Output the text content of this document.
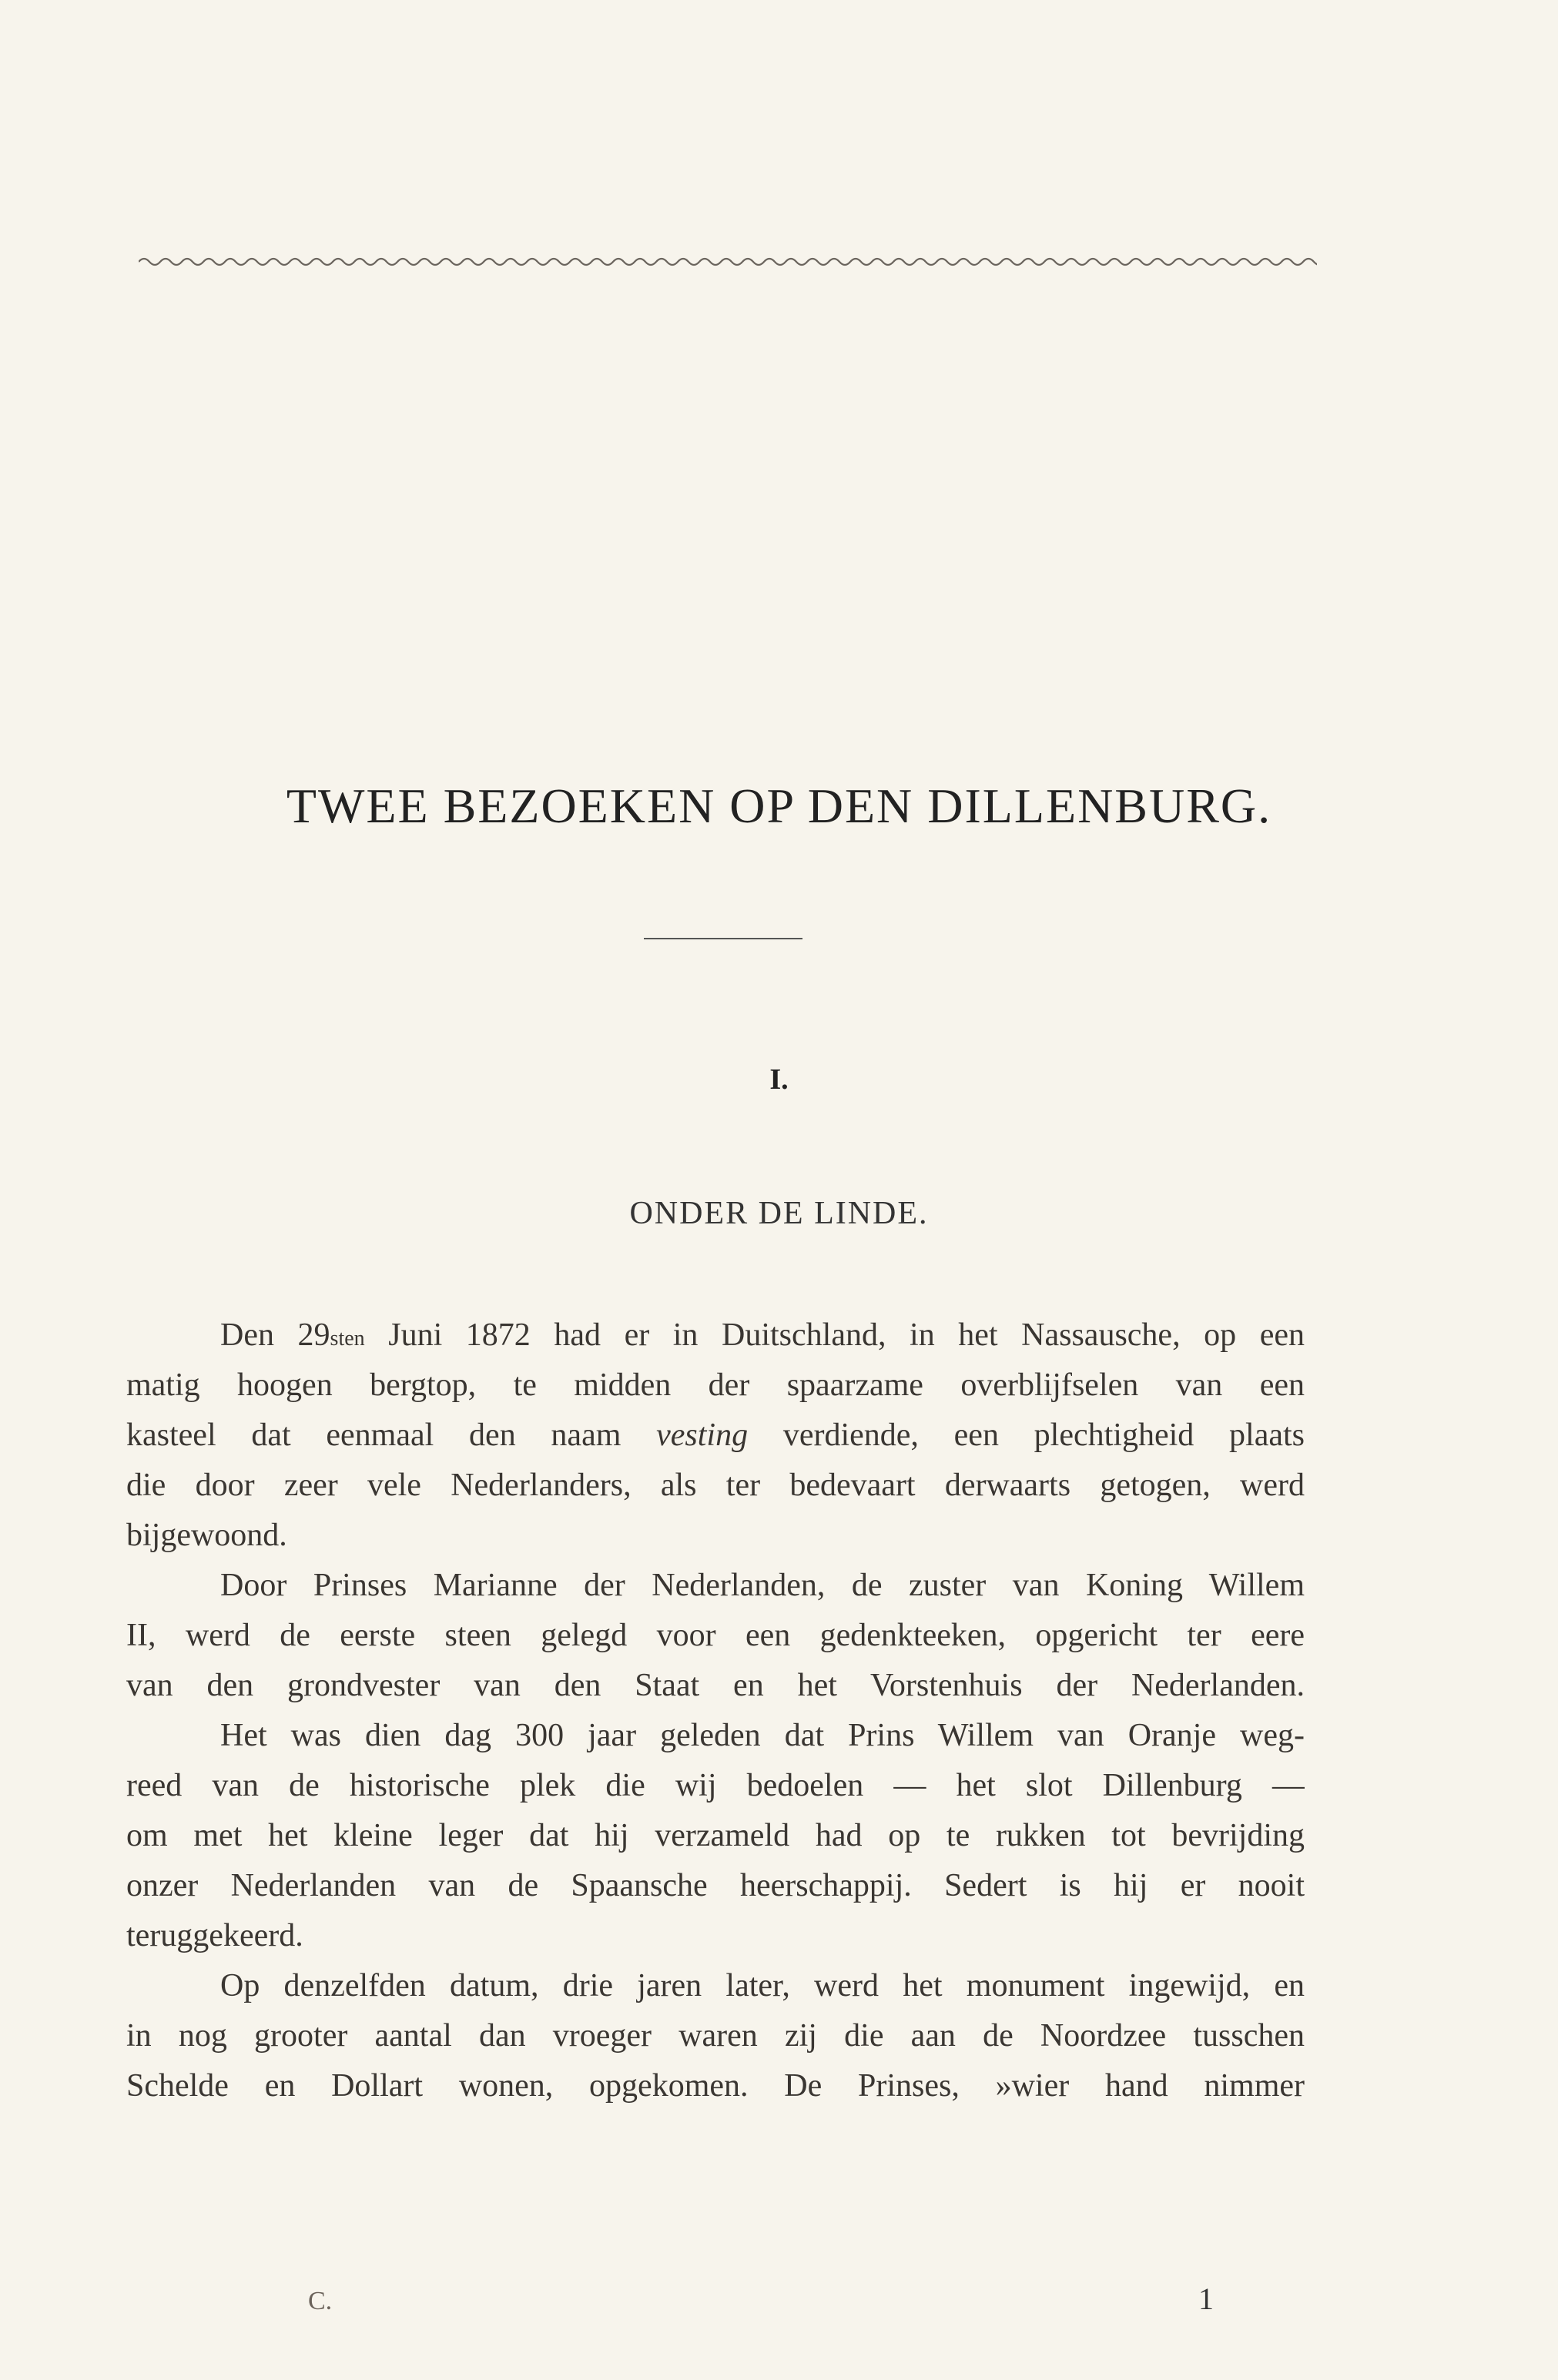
TWEE BEZOEKEN OP DEN DILLENBURG.
I.
ONDER DE LINDE.
Den 29sten Juni 1872 had er in Duitschland, in het Nassausche, op een
matig hoogen bergtop, te midden der spaarzame overblijfselen van een
kasteel dat eenmaal den naam vesting verdiende, een plechtigheid plaats
die door zeer vele Nederlanders, als ter bedevaart derwaarts getogen, werd
bijgewoond.
Door Prinses Marianne der Nederlanden, de zuster van Koning Willem
II, werd de eerste steen gelegd voor een gedenkteeken, opgericht ter eere
van den grondvester van den Staat en het Vorstenhuis der Nederlanden.
Het was dien dag 300 jaar geleden dat Prins Willem van Oranje weg-
reed van de historische plek die wij bedoelen — het slot Dillenburg —
om met het kleine leger dat hij verzameld had op te rukken tot bevrijding
onzer Nederlanden van de Spaansche heerschappij. Sedert is hij er nooit
teruggekeerd.
Op denzelfden datum, drie jaren later, werd het monument ingewijd, en
in nog grooter aantal dan vroeger waren zij die aan de Noordzee tusschen
Schelde en Dollart wonen, opgekomen. De Prinses, »wier hand nimmer
C.	1
